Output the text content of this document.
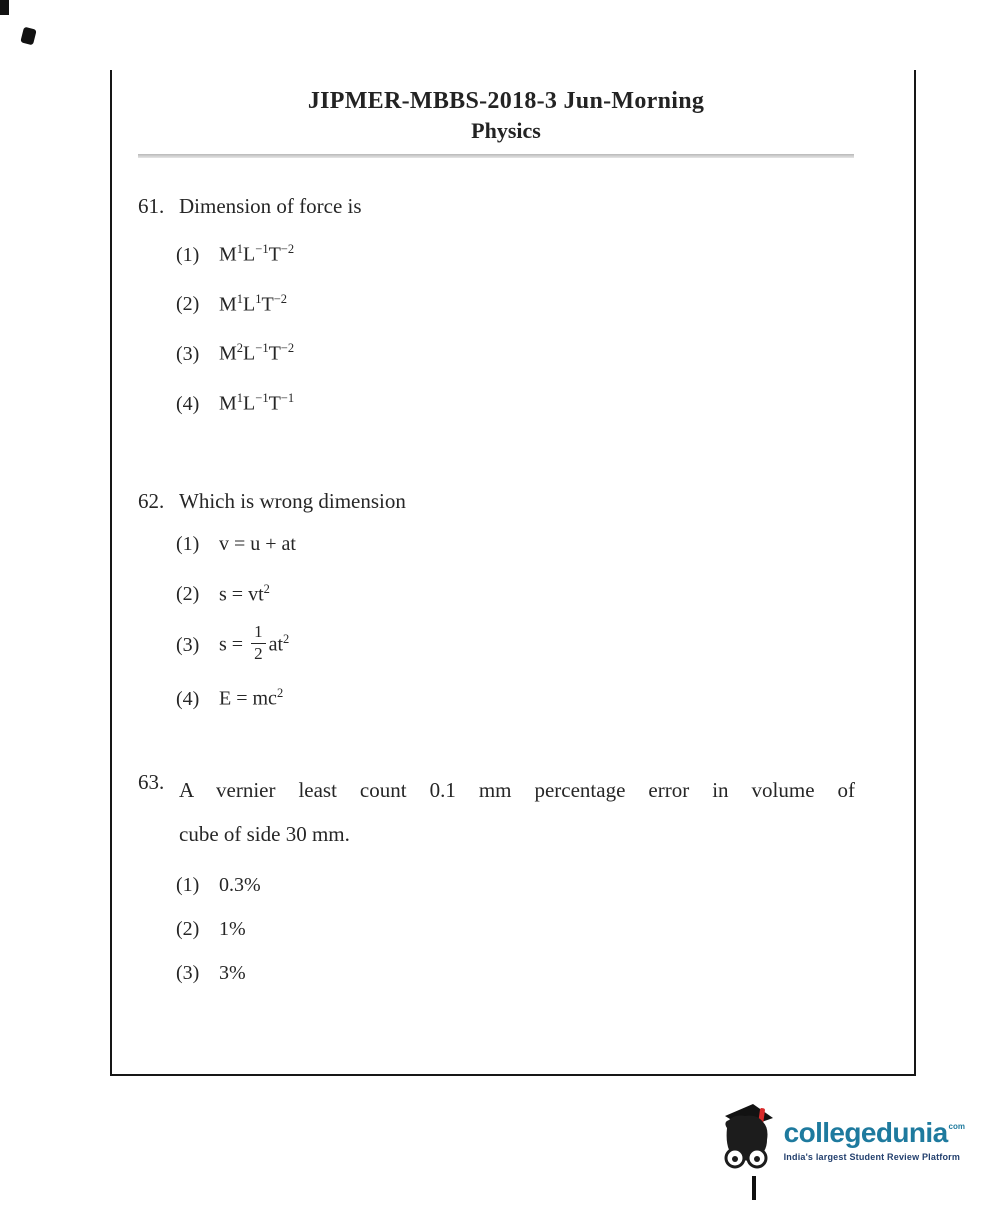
JIPMER-MBBS-2018-3 Jun-Morning
Physics
61. Dimension of force is
(1) $M^1L^{-1}T^{-2}$
(2) $M^1L^1T^{-2}$
(3) $M^2L^{-1}T^{-2}$
(4) $M^1L^{-1}T^{-1}$
62. Which is wrong dimension
(1) v = u + at
(2) $s = vt^2$
(3) $s = \frac{1}{2} at^2$
(4) $E = mc^2$
63. A vernier least count 0.1 mm percentage error in volume of
cube of side 30 mm.
(1) 0.3%
(2) 1%
(3) 3%
collegedunia com
India's largest Student Review Platform
